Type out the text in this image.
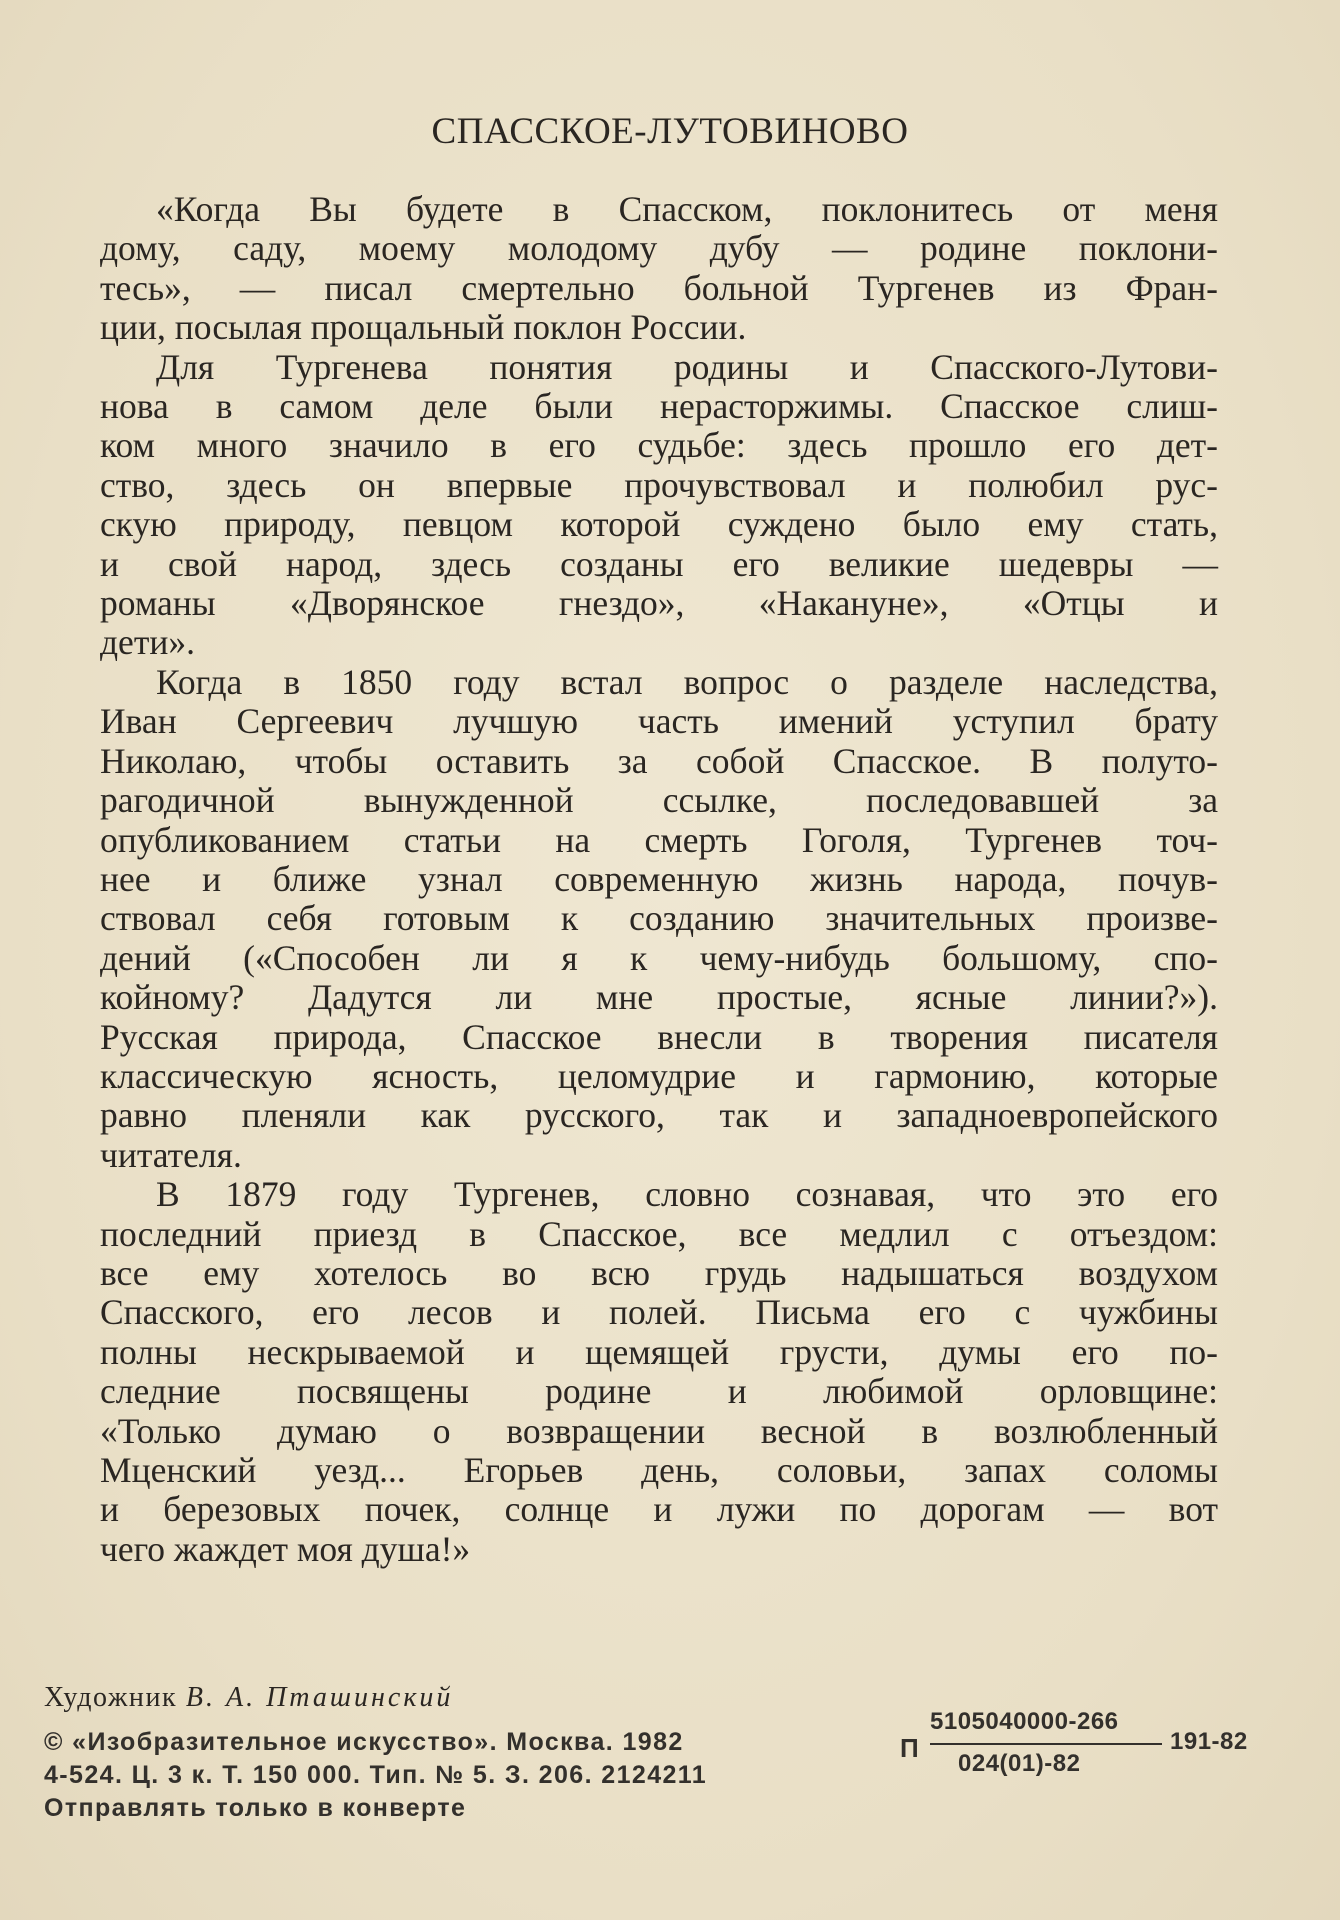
СПАССКОЕ-ЛУТОВИНОВО

«Когда Вы будете в Спасском, поклонитесь от меня
дому, саду, моему молодому дубу — родине поклони-
тесь», — писал смертельно больной Тургенев из Фран-
ции, посылая прощальный поклон России.

Для Тургенева понятия родины и Спасского-Лутови-
нова в самом деле были нерасторжимы. Спасское слиш-
ком много значило в его судьбе: здесь прошло его дет-
ство, здесь он впервые прочувствовал и полюбил рус-
скую природу, певцом которой суждено было ему стать,
и свой народ, здесь созданы его великие шедевры —
романы «Дворянское гнездо», «Накануне», «Отцы и
дети».

Когда в 1850 году встал вопрос о разделе наследства,
Иван Сергеевич лучшую часть имений уступил брату
Николаю, чтобы оставить за собой Спасское. В полуто-
рагодичной вынужденной ссылке, последовавшей за
опубликованием статьи на смерть Гоголя, Тургенев точ-
нее и ближе узнал современную жизнь народа, почув-
ствовал себя готовым к созданию значительных произве-
дений («Способен ли я к чему-нибудь большому, спо-
койному? Дадутся ли мне простые, ясные линии?»).
Русская природа, Спасское внесли в творения писателя
классическую ясность, целомудрие и гармонию, которые
равно пленяли как русского, так и западноевропейского
читателя.

В 1879 году Тургенев, словно сознавая, что это его
последний приезд в Спасское, все медлил с отъездом:
все ему хотелось во всю грудь надышаться воздухом
Спасского, его лесов и полей. Письма его с чужбины
полны нескрываемой и щемящей грусти, думы его по-
следние посвящены родине и любимой орловщине:
«Только думаю о возвращении весной в возлюбленный
Мценский уезд... Егорьев день, соловьи, запах соломы
и березовых почек, солнце и лужи по дорогам — вот
чего жаждет моя душа!»

Художник В. А. Пташинский
© «Изобразительное искусство». Москва. 1982
4-524. Ц. 3 к. Т. 150 000. Тип. № 5. З. 206. 2124211
Отправлять только в конверте
П
5105040000-266
024(01)-82
191-82
